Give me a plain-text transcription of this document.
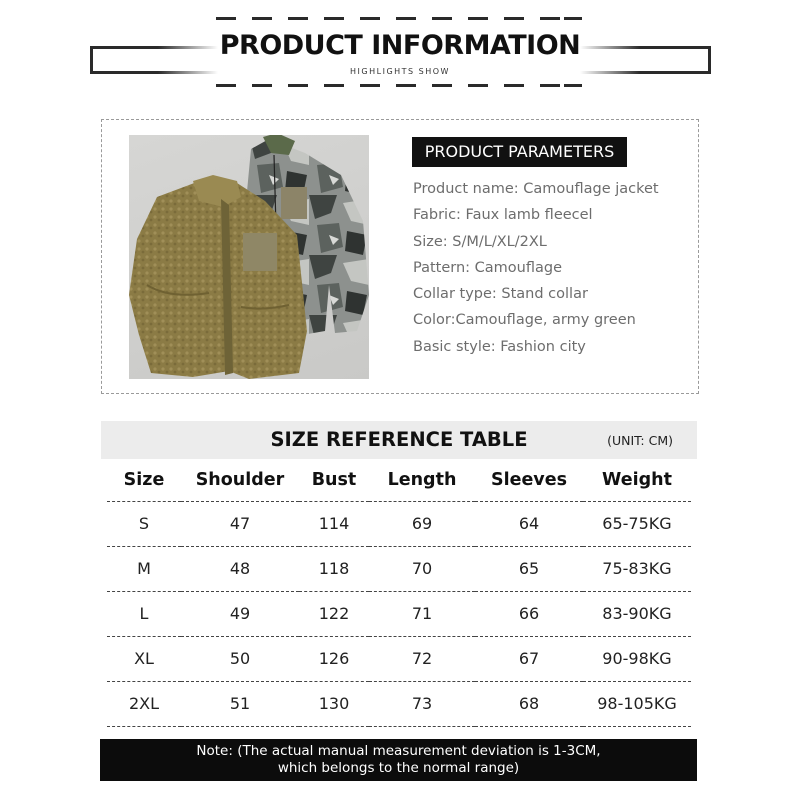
PRODUCT INFORMATION
HIGHLIGHTS SHOW
PRODUCT PARAMETERS
Product name: Camouflage jacket
Fabric: Faux lamb fleecel
Size: S/M/L/XL/2XL
Pattern: Camouflage
Collar type: Stand collar
Color:Camouflage, army green
Basic style: Fashion city
SIZE REFERENCE TABLE	(UNIT: CM)
Size	Shoulder	Bust	Length	Sleeves	Weight
S	47	114	69	64	65-75KG
M	48	118	70	65	75-83KG
L	49	122	71	66	83-90KG
XL	50	126	72	67	90-98KG
2XL	51	130	73	68	98-105KG
Note: (The actual manual measurement deviation is 1-3CM,
which belongs to the normal range)
